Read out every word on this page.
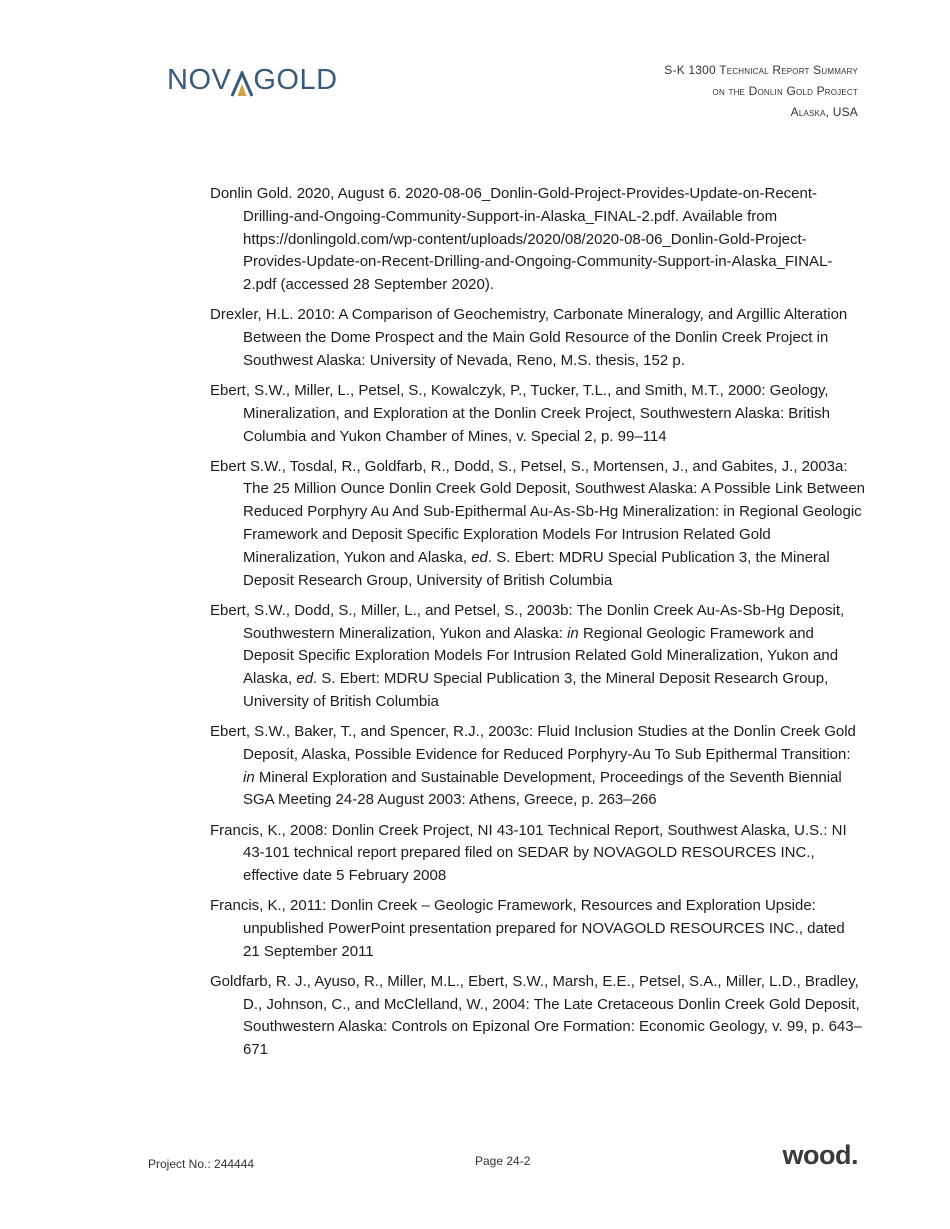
NOV GOLD	S-K 1300 Technical Report Summary
on the Donlin Gold Project
Alaska, USA

Donlin Gold. 2020, August 6. 2020-08-06_Donlin-Gold-Project-Provides-Update-on-Recent-Drilling-and-Ongoing-Community-Support-in-Alaska_FINAL-2.pdf. Available from https://donlingold.com/wp-content/uploads/2020/08/2020-08-06_Donlin-Gold-Project-Provides-Update-on-Recent-Drilling-and-Ongoing-Community-Support-in-Alaska_FINAL-2.pdf (accessed 28 September 2020).

Drexler, H.L. 2010: A Comparison of Geochemistry, Carbonate Mineralogy, and Argillic Alteration Between the Dome Prospect and the Main Gold Resource of the Donlin Creek Project in Southwest Alaska: University of Nevada, Reno, M.S. thesis, 152 p.

Ebert, S.W., Miller, L., Petsel, S., Kowalczyk, P., Tucker, T.L., and Smith, M.T., 2000: Geology, Mineralization, and Exploration at the Donlin Creek Project, Southwestern Alaska: British Columbia and Yukon Chamber of Mines, v. Special 2, p. 99–114

Ebert S.W., Tosdal, R., Goldfarb, R., Dodd, S., Petsel, S., Mortensen, J., and Gabites, J., 2003a: The 25 Million Ounce Donlin Creek Gold Deposit, Southwest Alaska: A Possible Link Between Reduced Porphyry Au And Sub-Epithermal Au-As-Sb-Hg Mineralization: in Regional Geologic Framework and Deposit Specific Exploration Models For Intrusion Related Gold Mineralization, Yukon and Alaska, ed. S. Ebert: MDRU Special Publication 3, the Mineral Deposit Research Group, University of British Columbia

Ebert, S.W., Dodd, S., Miller, L., and Petsel, S., 2003b: The Donlin Creek Au-As-Sb-Hg Deposit, Southwestern Mineralization, Yukon and Alaska: in Regional Geologic Framework and Deposit Specific Exploration Models For Intrusion Related Gold Mineralization, Yukon and Alaska, ed. S. Ebert: MDRU Special Publication 3, the Mineral Deposit Research Group, University of British Columbia

Ebert, S.W., Baker, T., and Spencer, R.J., 2003c: Fluid Inclusion Studies at the Donlin Creek Gold Deposit, Alaska, Possible Evidence for Reduced Porphyry-Au To Sub Epithermal Transition: in Mineral Exploration and Sustainable Development, Proceedings of the Seventh Biennial SGA Meeting 24-28 August 2003: Athens, Greece, p. 263–266

Francis, K., 2008: Donlin Creek Project, NI 43-101 Technical Report, Southwest Alaska, U.S.: NI 43-101 technical report prepared filed on SEDAR by NOVAGOLD RESOURCES INC., effective date 5 February 2008

Francis, K., 2011: Donlin Creek – Geologic Framework, Resources and Exploration Upside: unpublished PowerPoint presentation prepared for NOVAGOLD RESOURCES INC., dated 21 September 2011

Goldfarb, R. J., Ayuso, R., Miller, M.L., Ebert, S.W., Marsh, E.E., Petsel, S.A., Miller, L.D., Bradley, D., Johnson, C., and McClelland, W., 2004: The Late Cretaceous Donlin Creek Gold Deposit, Southwestern Alaska: Controls on Epizonal Ore Formation: Economic Geology, v. 99, p. 643–671

Project No.: 244444	Page 24-2	wood.
